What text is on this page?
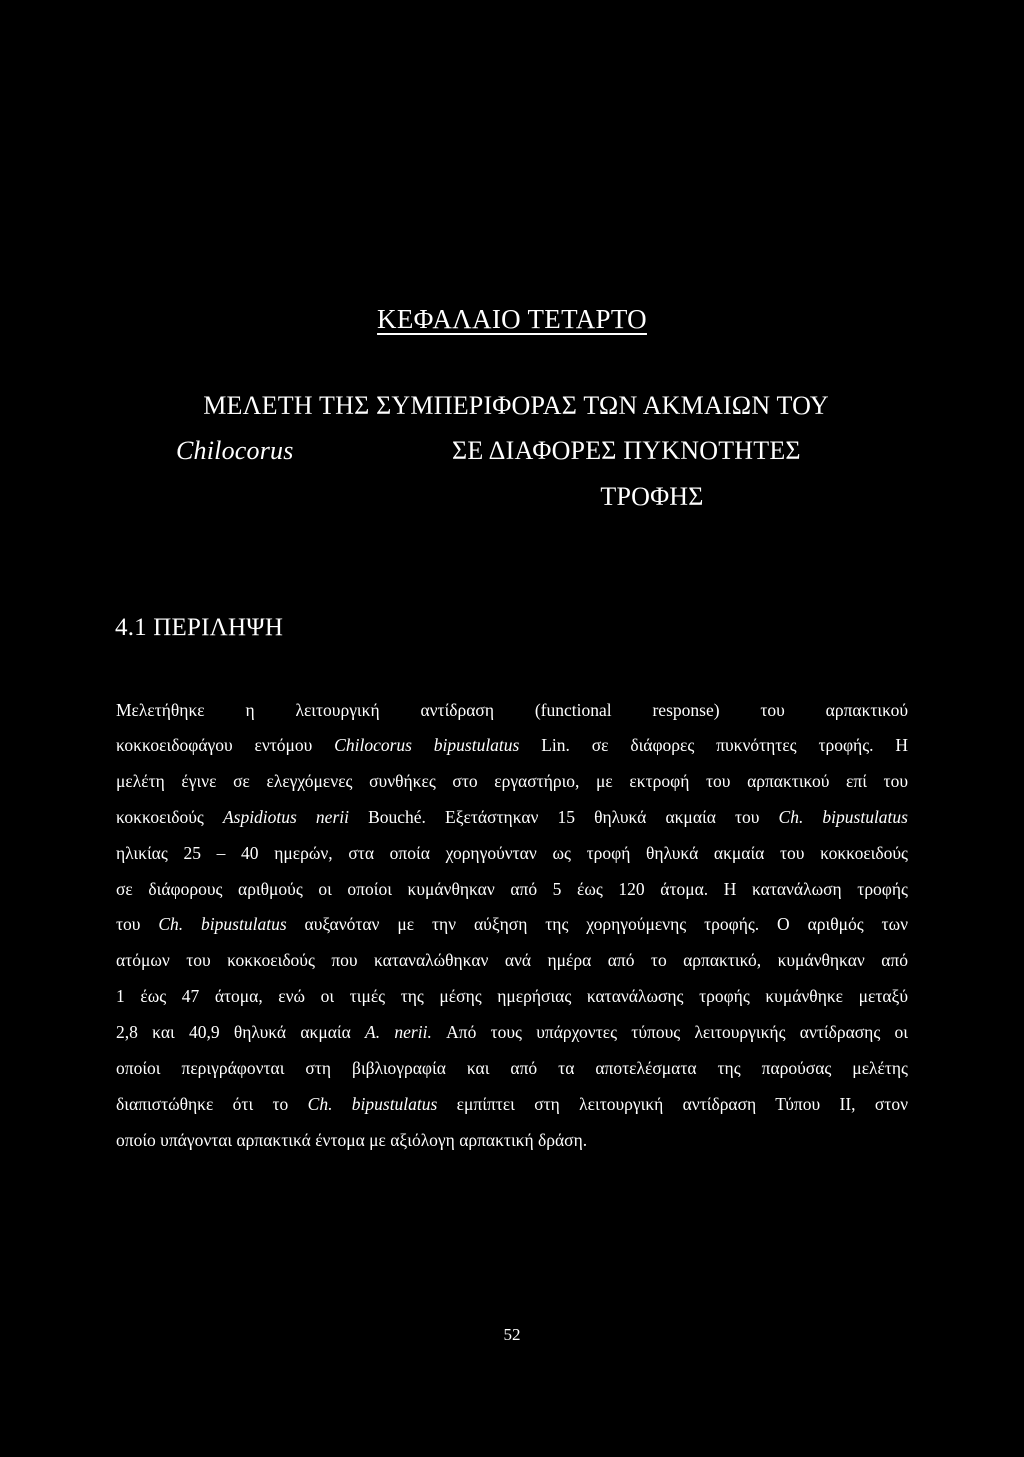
ΚΕΦΑΛΑΙΟ ΤΕΤΑΡΤΟ
ΜΕΛΕΤΗ ΤΗΣ ΣΥΜΠΕΡΙΦΟΡΑΣ ΤΩΝ ΑΚΜΑΙΩΝ ΤΟΥ
Chilocorus	ΣΕ ΔΙΑΦΟΡΕΣ ΠΥΚΝΟΤΗΤΕΣ
ΤΡΟΦΗΣ
4.1 ΠΕΡΙΛΗΨΗ
Μελετήθηκε η λειτουργική αντίδραση (functional response) του αρπακτικού
κοκκοειδοφάγου εντόμου Chilocorus bipustulatus Lin. σε διάφορες πυκνότητες τροφής. Η
μελέτη έγινε σε ελεγχόμενες συνθήκες στο εργαστήριο, με εκτροφή του αρπακτικού επί του
κοκκοειδούς Aspidiotus nerii Bouché. Εξετάστηκαν 15 θηλυκά ακμαία του Ch. bipustulatus
ηλικίας 25 – 40 ημερών, στα οποία χορηγούνταν ως τροφή θηλυκά ακμαία του κοκκοειδούς
σε διάφορους αριθμούς οι οποίοι κυμάνθηκαν από 5 έως 120 άτομα. Η κατανάλωση τροφής
του Ch. bipustulatus αυξανόταν με την αύξηση της χορηγούμενης τροφής. Ο αριθμός των
ατόμων του κοκκοειδούς που καταναλώθηκαν ανά ημέρα από το αρπακτικό, κυμάνθηκαν από
1 έως 47 άτομα, ενώ οι τιμές της μέσης ημερήσιας κατανάλωσης τροφής κυμάνθηκε μεταξύ
2,8 και 40,9 θηλυκά ακμαία A. nerii. Από τους υπάρχοντες τύπους λειτουργικής αντίδρασης οι
οποίοι περιγράφονται στη βιβλιογραφία και από τα αποτελέσματα της παρούσας μελέτης
διαπιστώθηκε ότι το Ch. bipustulatus εμπίπτει στη λειτουργική αντίδραση Τύπου II, στον
οποίο υπάγονται αρπακτικά έντομα με αξιόλογη αρπακτική δράση.
52
